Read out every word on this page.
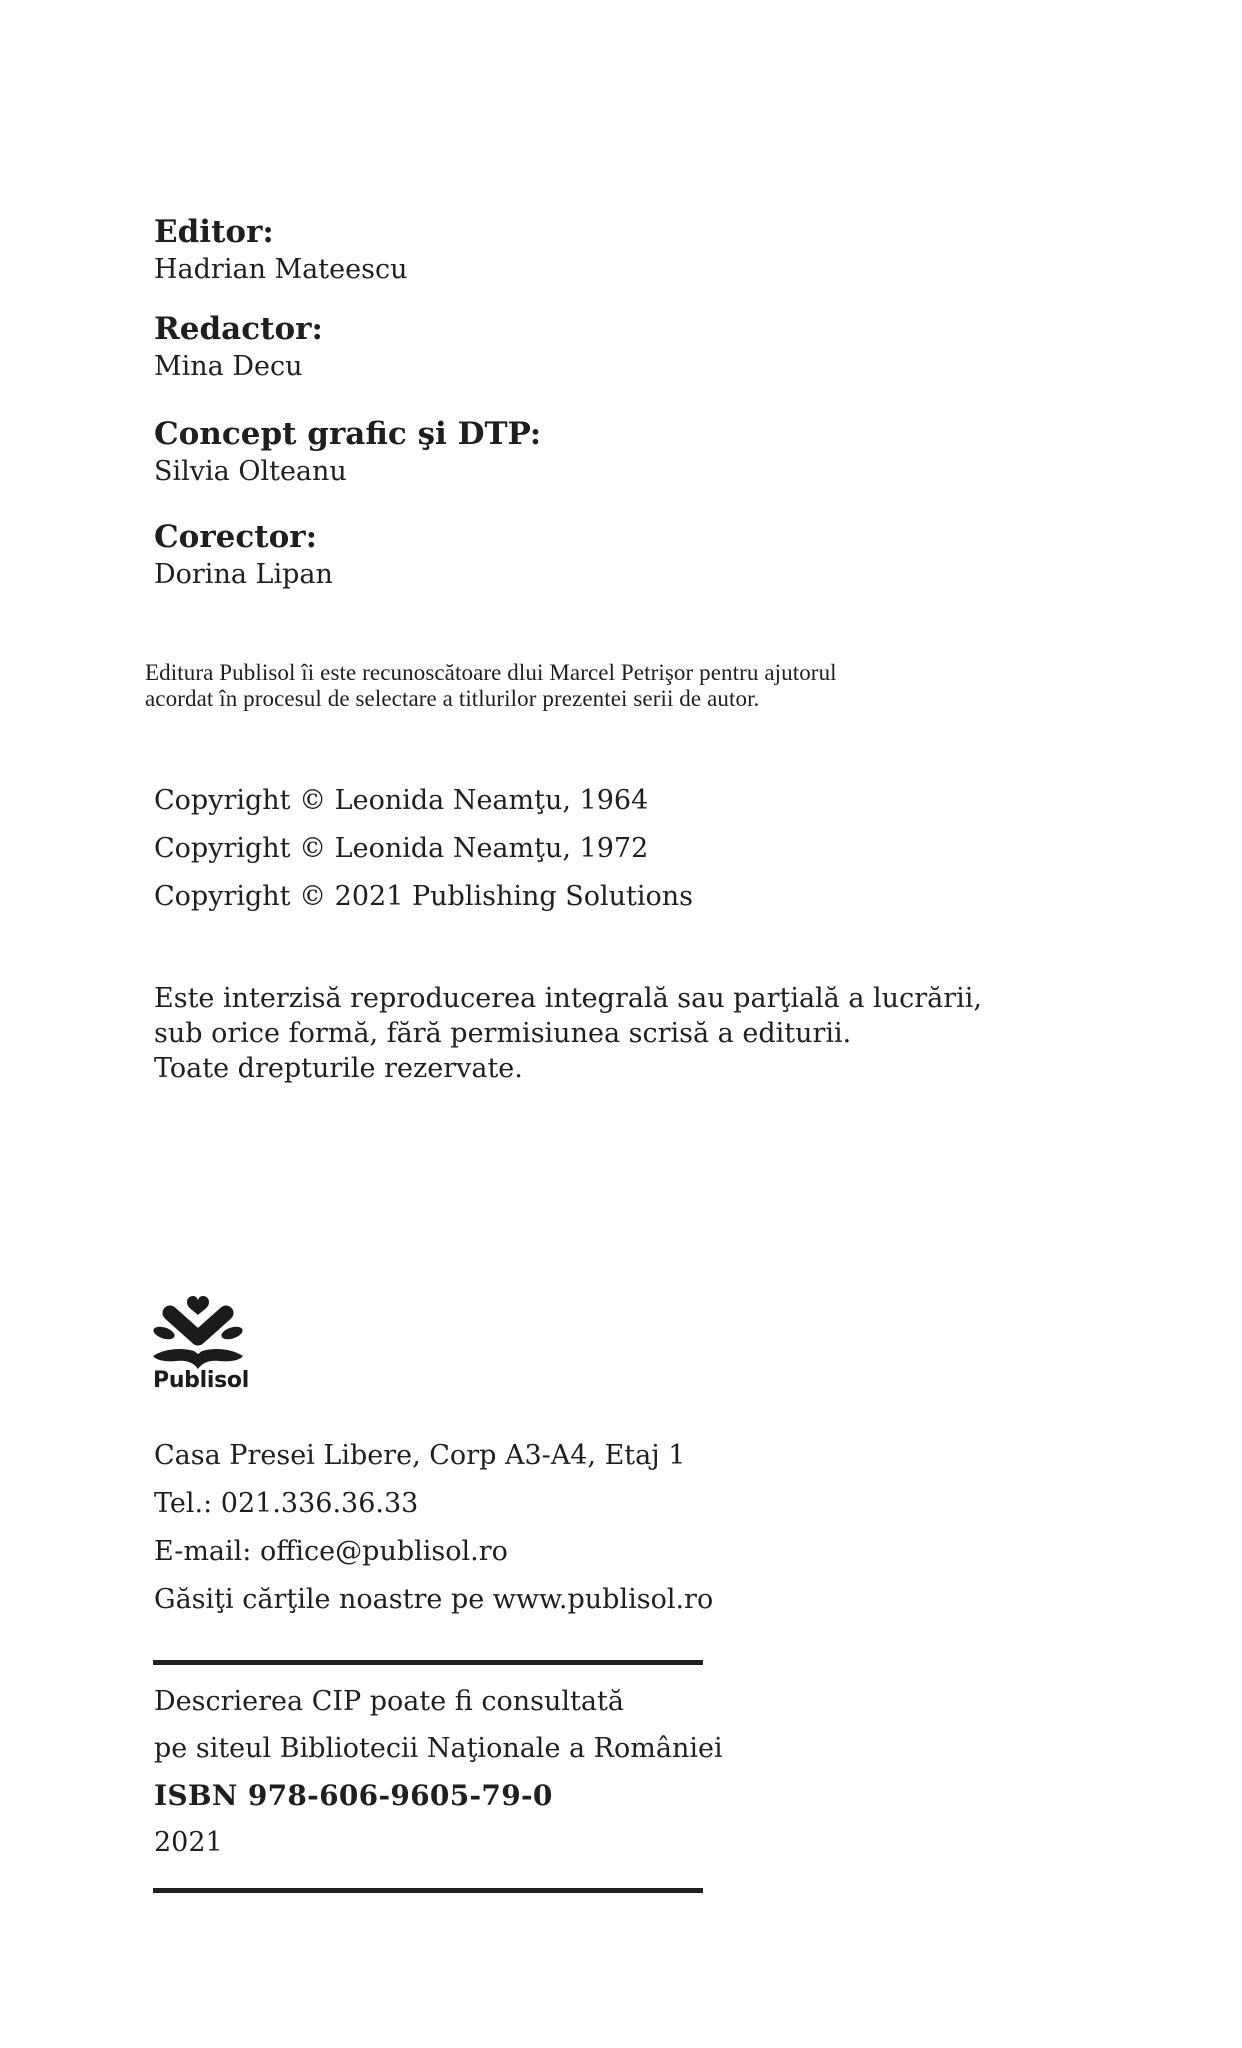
Editor:
Hadrian Mateescu
Redactor:
Mina Decu
Concept grafic şi DTP:
Silvia Olteanu
Corector:
Dorina Lipan
Editura Publisol îi este recunoscătoare dlui Marcel Petrişor pentru ajutorul
acordat în procesul de selectare a titlurilor prezentei serii de autor.
Copyright © Leonida Neamţu, 1964
Copyright © Leonida Neamţu, 1972
Copyright © 2021 Publishing Solutions
Este interzisă reproducerea integrală sau parţială a lucrării,
sub orice formă, fără permisiunea scrisă a editurii.
Toate drepturile rezervate.
Publisol
Casa Presei Libere, Corp A3-A4, Etaj 1
Tel.: 021.336.36.33
E-mail: office@publisol.ro
Găsiţi cărţile noastre pe www.publisol.ro
Descrierea CIP poate fi consultată
pe siteul Bibliotecii Naţionale a României
ISBN 978-606-9605-79-0
2021
